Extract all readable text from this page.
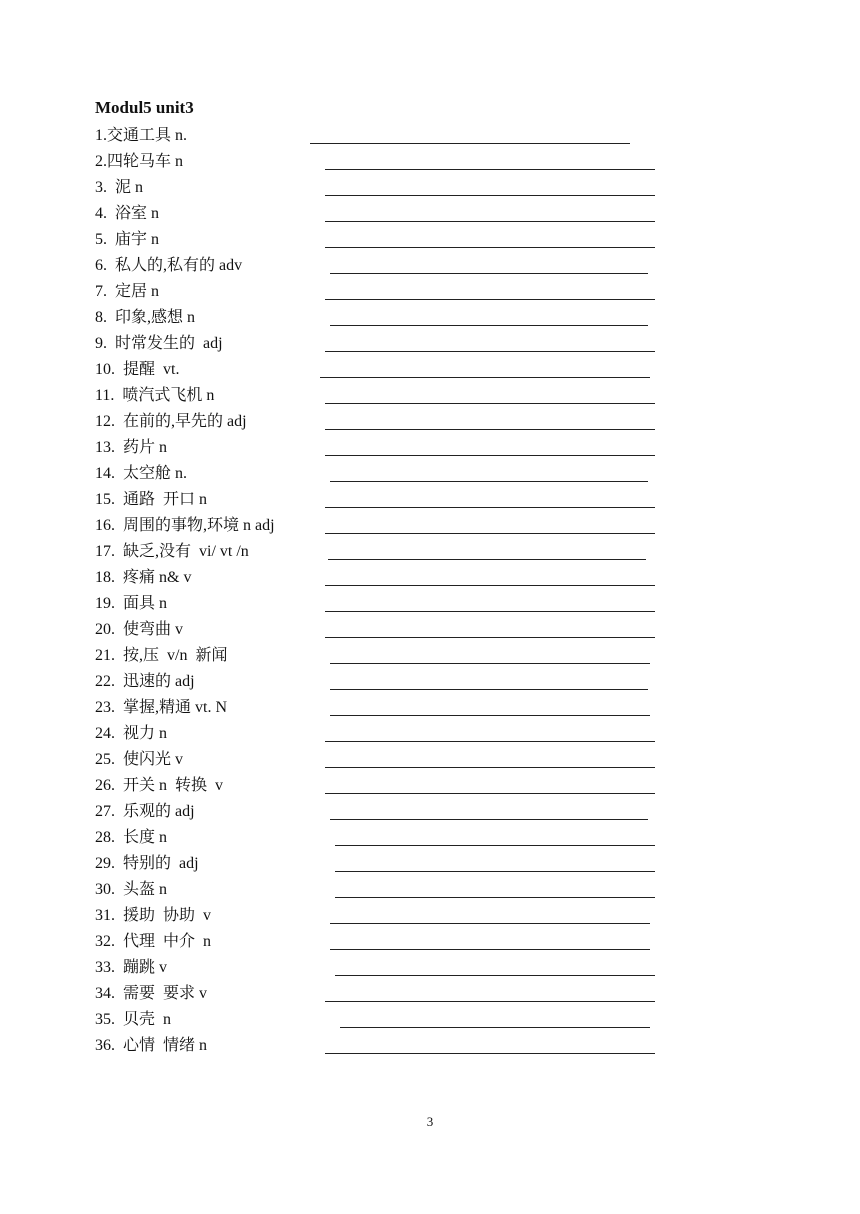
Modul5 unit3
1.交通工具 n.
2.四轮马车 n
3.  泥 n
4.  浴室 n
5.  庙宇 n
6.  私人的,私有的 adv
7.  定居 n
8.  印象,感想 n
9.  时常发生的  adj
10.  提醒  vt.
11.  喷汽式飞机 n
12.  在前的,早先的 adj
13.  药片 n
14.  太空舱 n.
15.  通路  开口 n
16.  周围的事物,环境 n adj
17.  缺乏,没有  vi/ vt /n
18.  疼痛 n& v
19.  面具 n
20.  使弯曲 v
21.  按,压  v/n  新闻
22.  迅速的 adj
23.  掌握,精通 vt. N
24.  视力 n
25.  使闪光 v
26.  开关 n  转换  v
27.  乐观的 adj
28.  长度 n
29.  特别的  adj
30.  头盔 n
31.  援助  协助  v
32.  代理  中介  n
33.  蹦跳 v
34.  需要  要求 v
35.  贝壳  n
36.  心情  情绪 n
3
